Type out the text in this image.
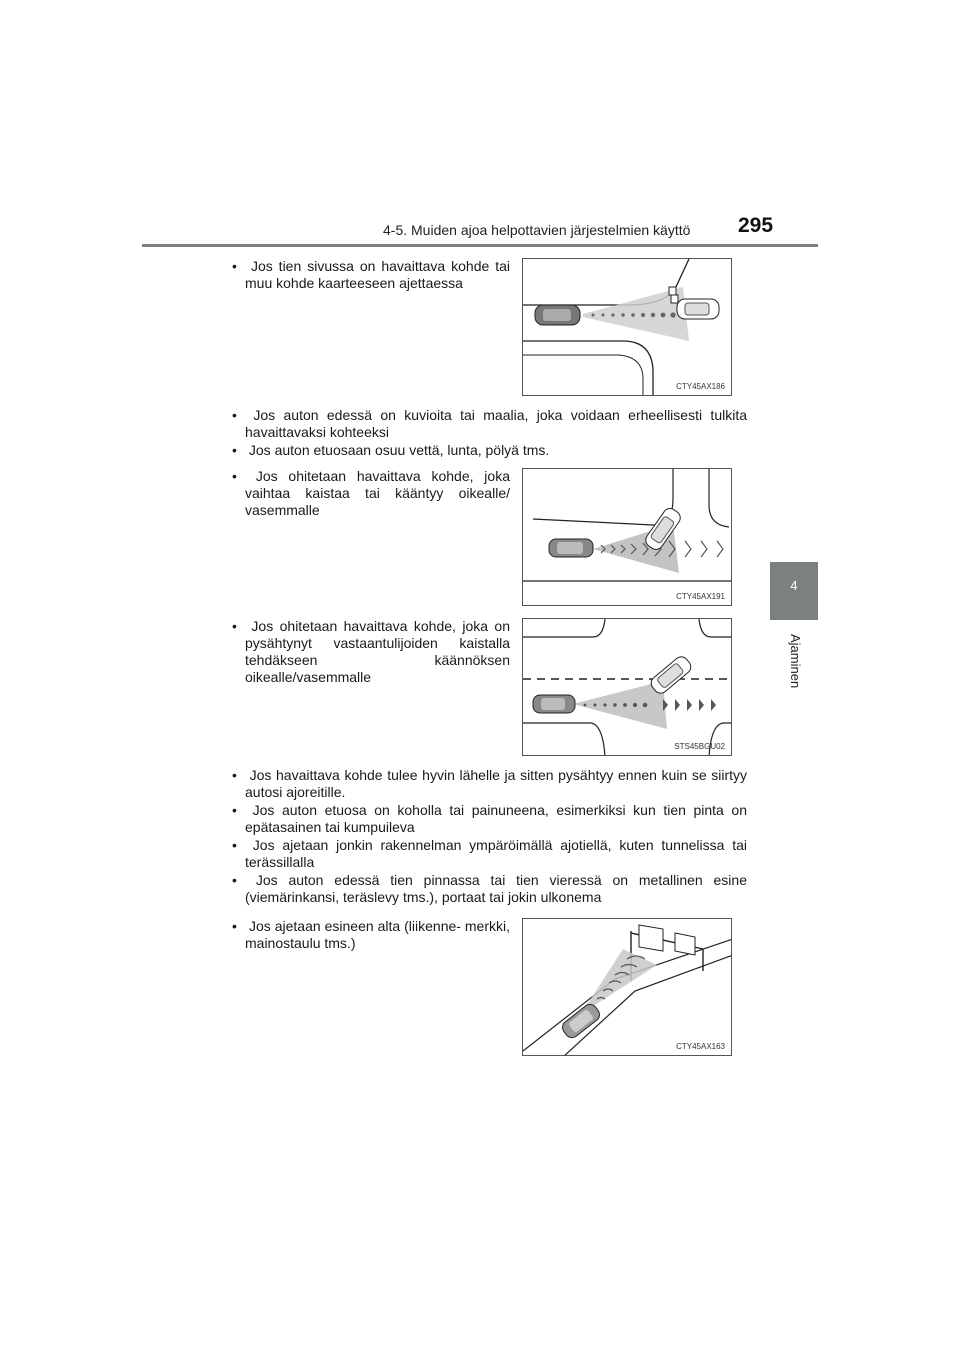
4-5. Muiden ajoa helpottavien järjestelmien käyttö 295
4
Ajaminen
• Jos tien sivussa on havaittava kohde tai muu kohde kaarteeseen ajettaessa
CTY45AX186
• Jos auton edessä on kuvioita tai maalia, joka voidaan erheellisesti tulkita havaittavaksi kohteeksi
• Jos auton etuosaan osuu vettä, lunta, pölyä tms.
• Jos ohitetaan havaittava kohde, joka vaihtaa kaistaa tai kääntyy oikealle/ vasemmalle
CTY45AX191
• Jos ohitetaan havaittava kohde, joka on pysähtynyt vastaantulijoiden kaistalla tehdäkseen käännöksen oikealle/vasemmalle
STS45BGU02
• Jos havaittava kohde tulee hyvin lähelle ja sitten pysähtyy ennen kuin se siirtyy autosi ajoreitille.
• Jos auton etuosa on koholla tai painuneena, esimerkiksi kun tien pinta on epätasainen tai kumpuileva
• Jos ajetaan jonkin rakennelman ympäröimällä ajotiellä, kuten tunnelissa tai terässillalla
• Jos auton edessä tien pinnassa tai tien vieressä on metallinen esine (viemärinkansi, teräslevy tms.), portaat tai jokin ulkonema
• Jos ajetaan esineen alta (liikenne- merkki, mainostaulu tms.)
CTY45AX163
